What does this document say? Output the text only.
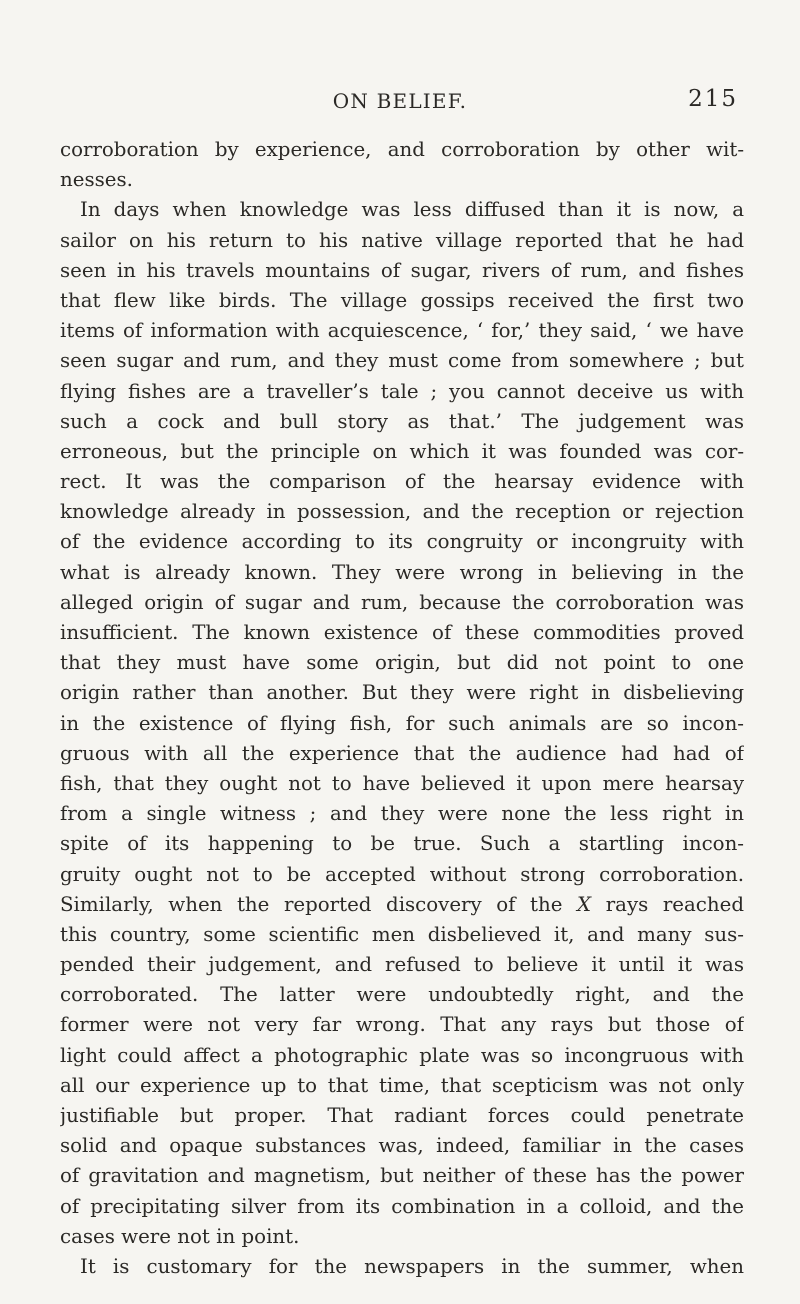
ON BELIEF.	215
corroboration by experience, and corroboration by other wit-
nesses.
In days when knowledge was less diffused than it is now, a
sailor on his return to his native village reported that he had
seen in his travels mountains of sugar, rivers of rum, and fishes
that flew like birds. The village gossips received the first two
items of information with acquiescence, ‘ for,’ they said, ‘ we have
seen sugar and rum, and they must come from somewhere ; but
flying fishes are a traveller’s tale ; you cannot deceive us with
such a cock and bull story as that.’ The judgement was
erroneous, but the principle on which it was founded was cor-
rect. It was the comparison of the hearsay evidence with
knowledge already in possession, and the reception or rejection
of the evidence according to its congruity or incongruity with
what is already known. They were wrong in believing in the
alleged origin of sugar and rum, because the corroboration was
insufficient. The known existence of these commodities proved
that they must have some origin, but did not point to one
origin rather than another. But they were right in disbelieving
in the existence of flying fish, for such animals are so incon-
gruous with all the experience that the audience had had of
fish, that they ought not to have believed it upon mere hearsay
from a single witness ; and they were none the less right in
spite of its happening to be true. Such a startling incon-
gruity ought not to be accepted without strong corroboration.
Similarly, when the reported discovery of the X rays reached
this country, some scientific men disbelieved it, and many sus-
pended their judgement, and refused to believe it until it was
corroborated. The latter were undoubtedly right, and the
former were not very far wrong. That any rays but those of
light could affect a photographic plate was so incongruous with
all our experience up to that time, that scepticism was not only
justifiable but proper. That radiant forces could penetrate
solid and opaque substances was, indeed, familiar in the cases
of gravitation and magnetism, but neither of these has the power
of precipitating silver from its combination in a colloid, and the
cases were not in point.
It is customary for the newspapers in the summer, when
